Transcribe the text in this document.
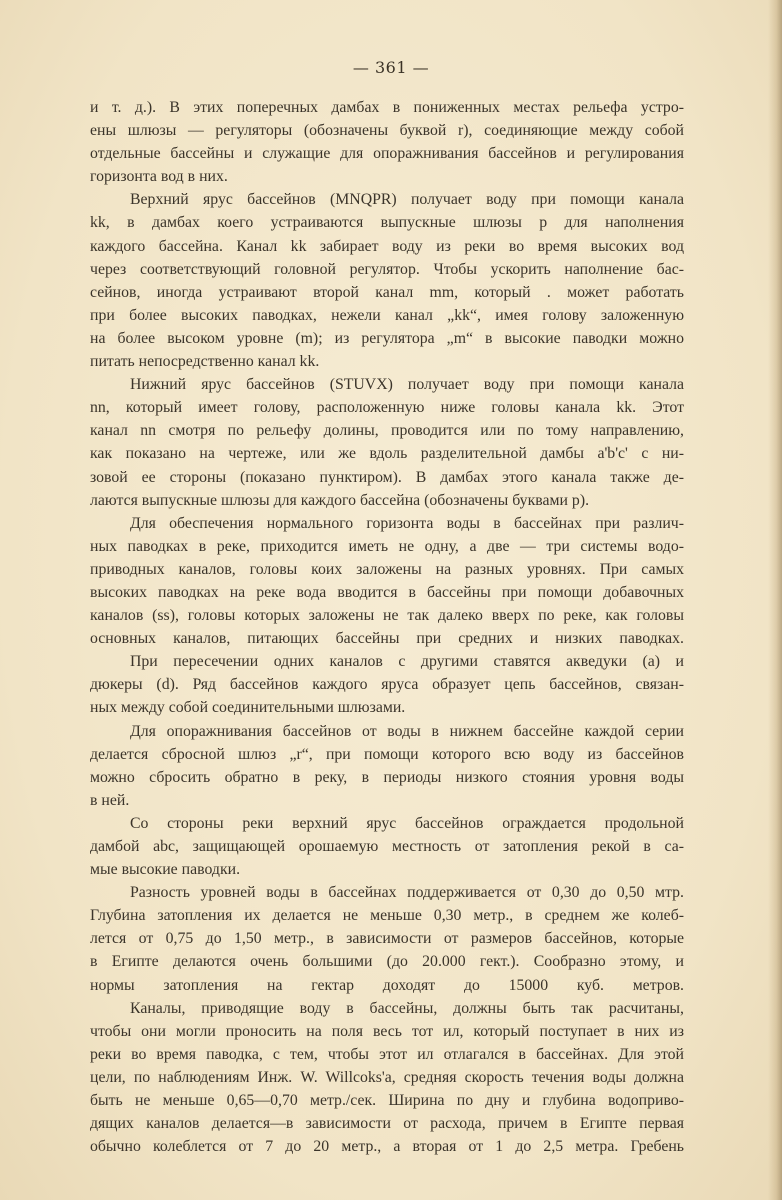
— 361 —
и т. д.). В этих поперечных дамбах в пониженных местах рельефа устро-
ены шлюзы — регуляторы (обозначены буквой r), соединяющие между собой
отдельные бассейны и служащие для опоражнивания бассейнов и регулирования
горизонта вод в них.
Верхний ярус бассейнов (MNQPR) получает воду при помощи канала
kk, в дамбах коего устраиваются выпускные шлюзы p для наполнения
каждого бассейна. Канал kk забирает воду из реки во время высоких вод
через соответствующий головной регулятор. Чтобы ускорить наполнение бас-
сейнов, иногда устраивают второй канал mm, который . может работать
при более высоких паводках, нежели канал „kk“, имея голову заложенную
на более высоком уровне (m); из регулятора „m“ в высокие паводки можно
питать непосредственно канал kk.
Нижний ярус бассейнов (STUVX) получает воду при помощи канала
nn, который имеет голову, расположенную ниже головы канала kk. Этот
канал nn смотря по рельефу долины, проводится или по тому направлению,
как показано на чертеже, или же вдоль разделительной дамбы a'b'c' с ни-
зовой ее стороны (показано пунктиром). В дамбах этого канала также де-
лаются выпускные шлюзы для каждого бассейна (обозначены буквами p).
Для обеспечения нормального горизонта воды в бассейнах при различ-
ных паводках в реке, приходится иметь не одну, а две — три системы водо-
приводных каналов, головы коих заложены на разных уровнях. При самых
высоких паводках на реке вода вводится в бассейны при помощи добавочных
каналов (ss), головы которых заложены не так далеко вверх по реке, как головы
основных каналов, питающих бассейны при средних и низких паводках.
При пересечении одних каналов с другими ставятся акведуки (a) и
дюкеры (d). Ряд бассейнов каждого яруса образует цепь бассейнов, связан-
ных между собой соединительными шлюзами.
Для опоражнивания бассейнов от воды в нижнем бассейне каждой серии
делается сбросной шлюз „r“, при помощи которого всю воду из бассейнов
можно сбросить обратно в реку, в периоды низкого стояния уровня воды
в ней.
Со стороны реки верхний ярус бассейнов ограждается продольной
дамбой abc, защищающей орошаемую местность от затопления рекой в са-
мые высокие паводки.
Разность уровней воды в бассейнах поддерживается от 0,30 до 0,50 мтр.
Глубина затопления их делается не меньше 0,30 метр., в среднем же колеб-
лется от 0,75 до 1,50 метр., в зависимости от размеров бассейнов, которые
в Египте делаются очень большими (до 20.000 гект.). Сообразно этому, и
нормы затопления на гектар доходят до 15000 куб. метров.
Каналы, приводящие воду в бассейны, должны быть так расчитаны,
чтобы они могли проносить на поля весь тот ил, который поступает в них из
реки во время паводка, с тем, чтобы этот ил отлагался в бассейнах. Для этой
цели, по наблюдениям Инж. W. Willcoks'а, средняя скорость течения воды должна
быть не меньше 0,65—0,70 метр./сек. Ширина по дну и глубина водоприво-
дящих каналов делается—в зависимости от расхода, причем в Египте первая
обычно колеблется от 7 до 20 метр., а вторая от 1 до 2,5 метра. Гребень
